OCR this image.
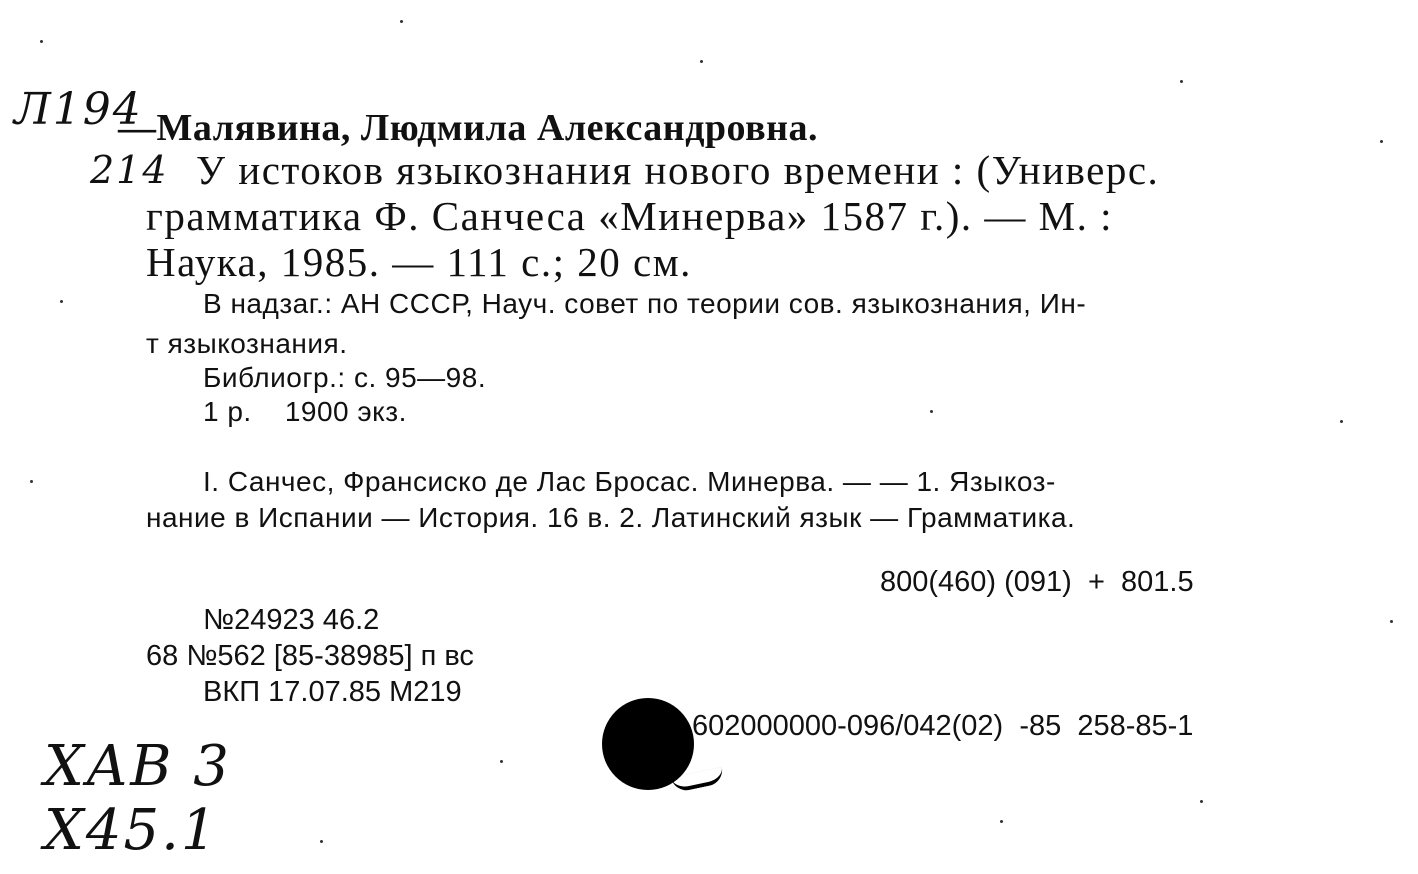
Л194
214
ХАВ 3
Х45.1
—Малявина, Людмила Александровна.
У истоков языкознания нового времени : (Универс.
грамматика Ф. Санчеса «Минерва» 1587 г.). — М. :
Наука, 1985. — 111 с.; 20 см.
В надзаг.: АН СССР, Науч. совет по теории сов. языкознания, Ин-
т языкознания.
Библиогр.: с. 95—98.
1 р.    1900 экз.
I. Санчес, Франсиско де Лас Бросас. Минерва. — — 1. Языкоз-
нание в Испании — История. 16 в. 2. Латинский язык — Грамматика.
800(460) (091)  +  801.5
№24923 46.2
68 №562 [85-38985] п вс
ВКП 17.07.85 М219
602000000-096/042(02)  -85  258-85-1
